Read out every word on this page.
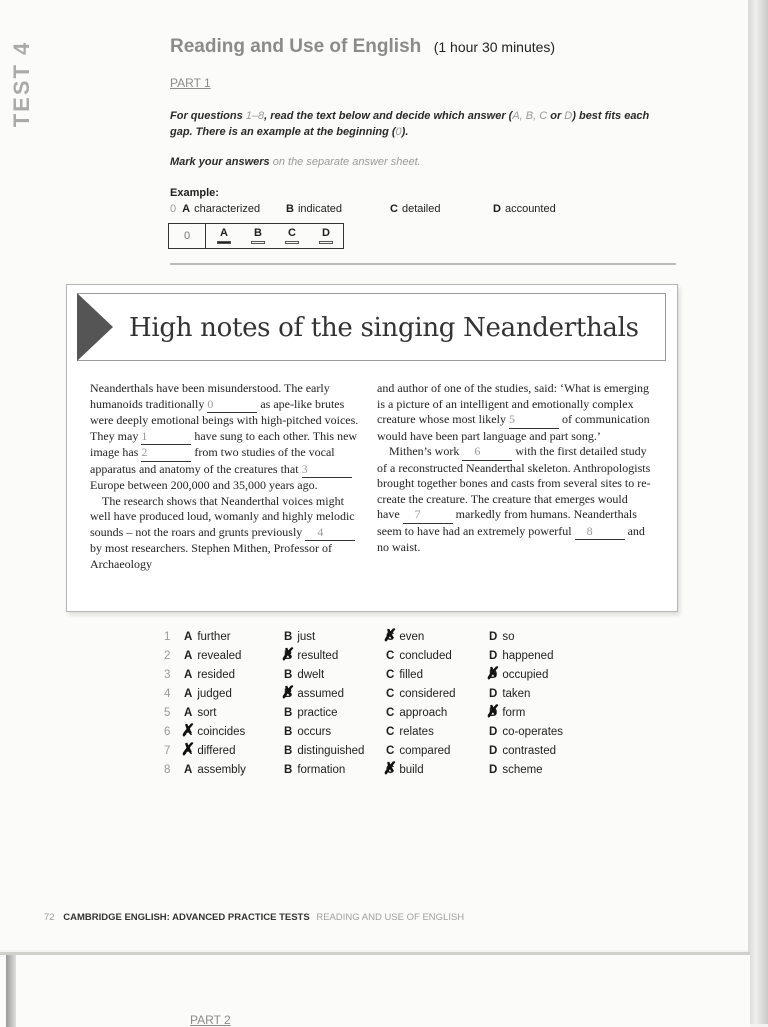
TEST 4	Reading and Use of English (1 hour 30 minutes)
PART 1
For questions 1–8, read the text below and decide which answer (A, B, C or D) best fits each gap. There is an example at the beginning (0).
Mark your answers on the separate answer sheet.
Example:
0 A characterized B indicated	C detailed	D accounted
0	A B C D
High notes of the singing Neanderthals

Neanderthals have been misunderstood. The early humanoids traditionally 0	as ape-like brutes were deeply emotional beings with high-pitched voices. They may 1	have sung to each other. This new image has 2	from two studies of the vocal apparatus and anatomy of the creatures that 3 Europe between 200,000 and 35,000 years ago.

The research shows that Neanderthal voices might well have produced loud, womanly and highly melodic sounds – not the roars and grunts previously 4 by most researchers. Stephen Mithen, Professor of Archaeology

and author of one of the studies, said: ‘What is emerging is a picture of an intelligent and emotionally complex creature whose most likely 5	of communication would have been part language and part song.’

Mithen’s work 6	with the first detailed study of a reconstructed Neanderthal skeleton. Anthropologists brought together bones and casts from several sites to re-create the creature. The creature that emerges would have 7	markedly from humans. Neanderthals seem to have had an extremely powerful 8	and no waist.

1	A further	B just	C ✗ even	D so
2	A revealed	B ✗ resulted	C concluded	D happened
3	A resided	B dwelt	C filled	D ✗ occupied
4	A judged	B ✗ assumed	C considered	D taken
5	A sort	B practice	C approach	D ✗ form
6	A ✗ coincides	B occurs	C relates	D co-operates
7	A ✗ differed	B distinguished C compared	D contrasted
8	A assembly	B formation	C ✗ build	D scheme
72 CAMBRIDGE ENGLISH: ADVANCED PRACTICE TESTS READING AND USE OF ENGLISH
PART 2
